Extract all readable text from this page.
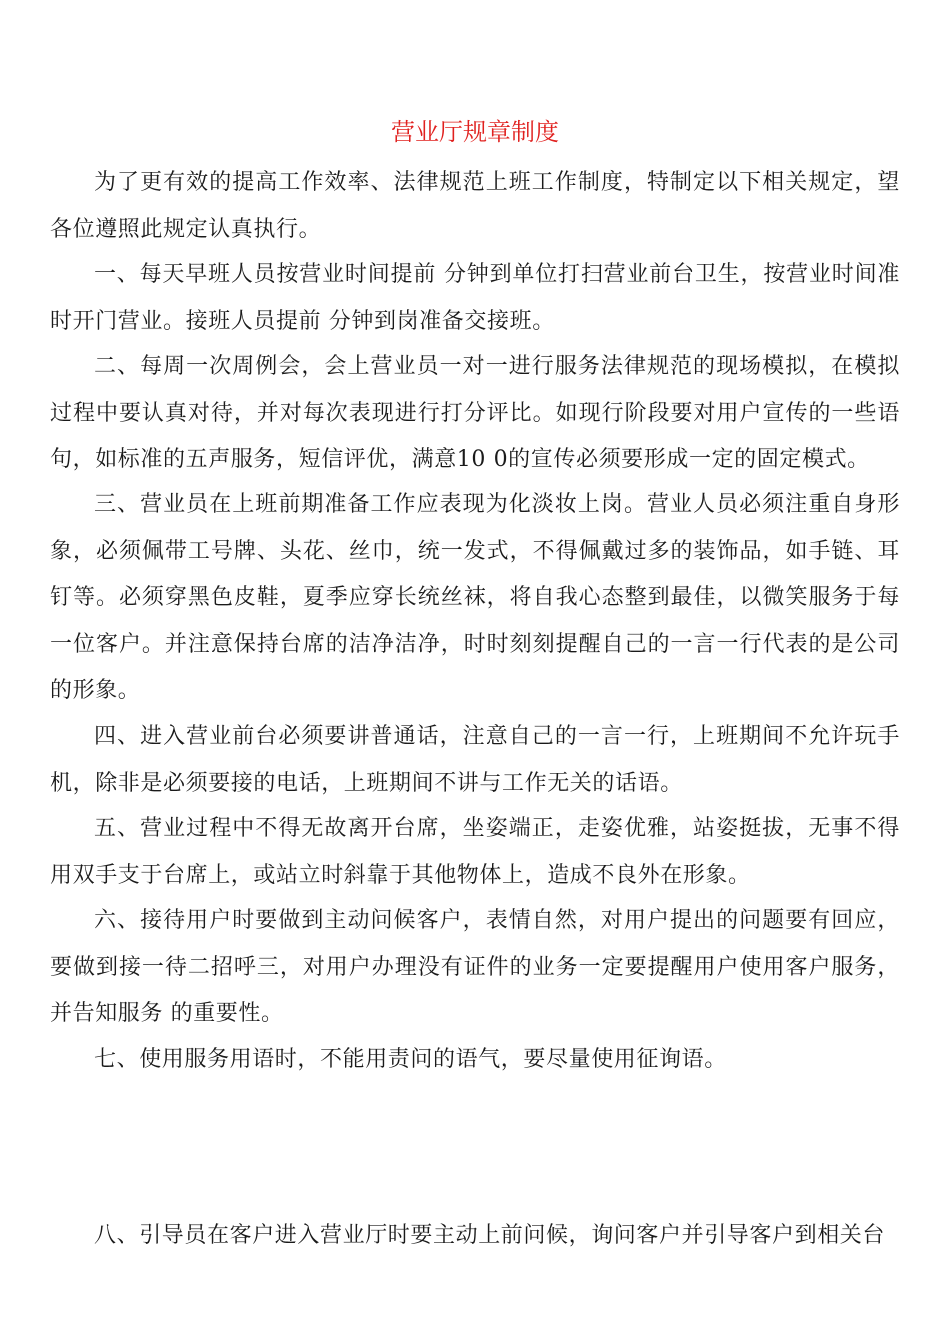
营业厅规章制度

为了更有效的提高工作效率、法律规范上班工作制度，特制定以下相关规定，望各位遵照此规定认真执行。

一、每天早班人员按营业时间提前 分钟到单位打扫营业前台卫生，按营业时间准时开门营业。接班人员提前 分钟到岗准备交接班。

二、每周一次周例会，会上营业员一对一进行服务法律规范的现场模拟，在模拟过程中要认真对待，并对每次表现进行打分评比。如现行阶段要对用户宣传的一些语句，如标准的五声服务，短信评优，满意10 0的宣传必须要形成一定的固定模式。

三、营业员在上班前期准备工作应表现为化淡妆上岗。营业人员必须注重自身形象，必须佩带工号牌、头花、丝巾，统一发式，不得佩戴过多的装饰品，如手链、耳钉等。必须穿黑色皮鞋，夏季应穿长统丝袜，将自我心态整到最佳，以微笑服务于每一位客户。并注意保持台席的洁净洁净，时时刻刻提醒自己的一言一行代表的是公司的形象。

四、进入营业前台必须要讲普通话，注意自己的一言一行，上班期间不允许玩手机，除非是必须要接的电话，上班期间不讲与工作无关的话语。

五、营业过程中不得无故离开台席，坐姿端正，走姿优雅，站姿挺拔，无事不得用双手支于台席上，或站立时斜靠于其他物体上，造成不良外在形象。

六、接待用户时要做到主动问候客户，表情自然，对用户提出的问题要有回应，要做到接一待二招呼三，对用户办理没有证件的业务一定要提醒用户使用客户服务，并告知服务 的重要性。

七、使用服务用语时，不能用责问的语气，要尽量使用征询语。

八、引导员在客户进入营业厅时要主动上前问候，询问客户并引导客户到相关台
